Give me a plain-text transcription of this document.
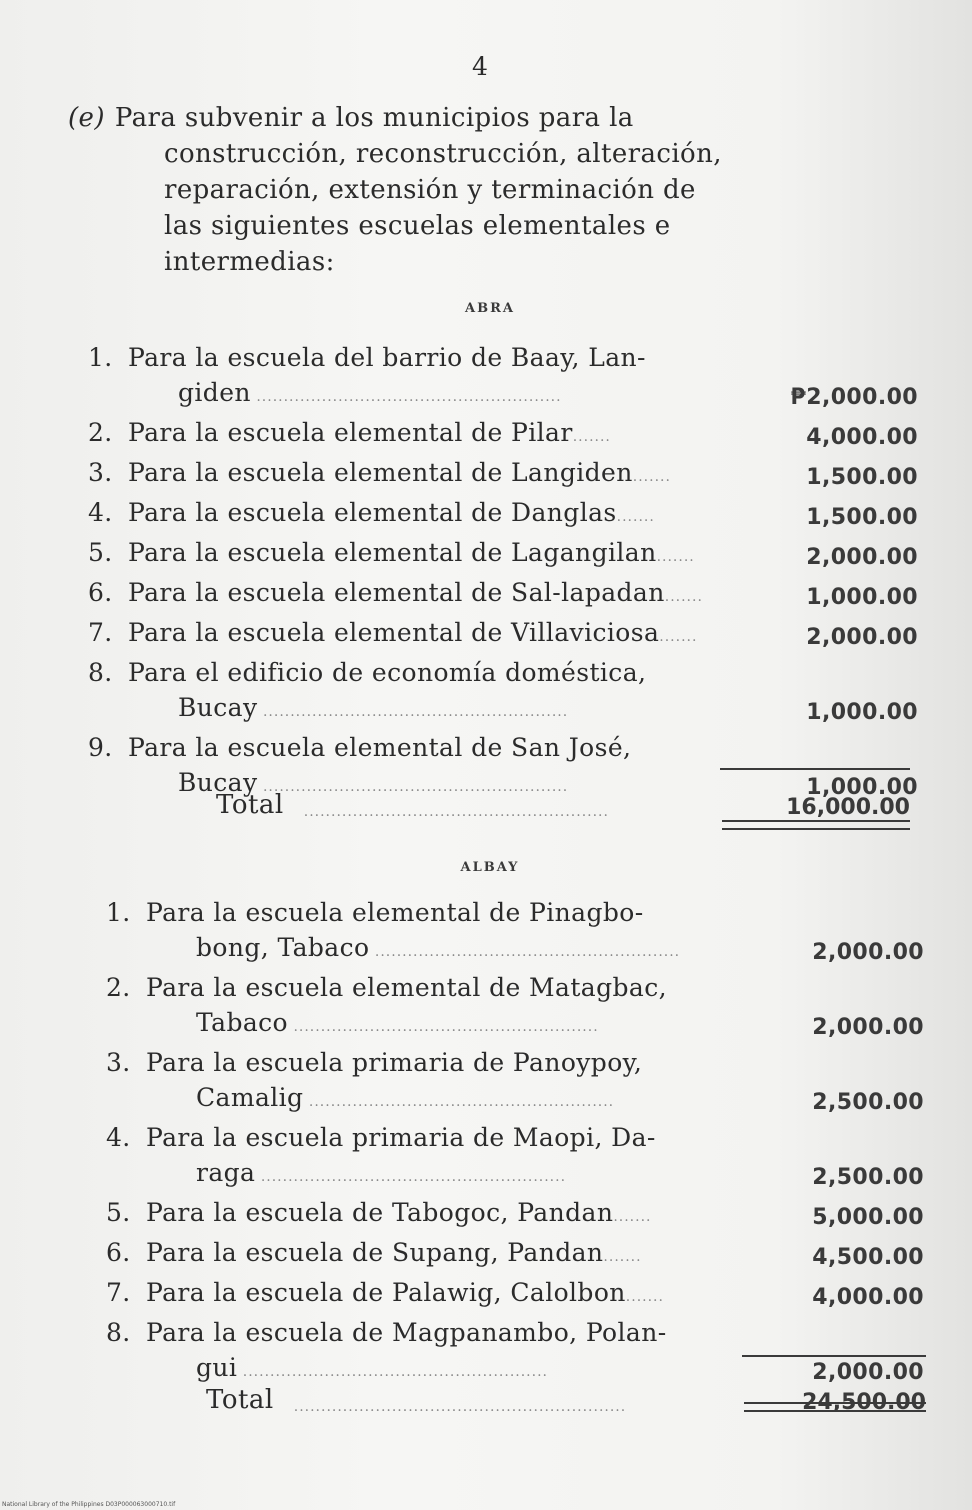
4

(e) Para subvenir a los municipios para la construcción, reconstrucción, alteración, reparación, extensión y terminación de las siguientes escuelas elementales e intermedias:

ABRA
1. Para la escuela del barrio de Baay, Lan-
giden ........................................................	₱2,000.00
2. Para la escuela elemental de Pilar.......	4,000.00
3. Para la escuela elemental de Langiden.......	1,500.00
4. Para la escuela elemental de Danglas.......	1,500.00
5. Para la escuela elemental de Lagangilan.......	2,000.00
6. Para la escuela elemental de Sal-lapadan.......	1,000.00
7. Para la escuela elemental de Villaviciosa.......	2,000.00
8. Para el edificio de economía doméstica,
Bucay ........................................................	1,000.00
9. Para la escuela elemental de San José,
Bucay ........................................................	1,000.00
Total ........................................................	16,000.00
ALBAY
1. Para la escuela elemental de Pinagbo-
bong, Tabaco ........................................................	2,000.00
2. Para la escuela elemental de Matagbac,
Tabaco ........................................................	2,000.00
3. Para la escuela primaria de Panoypoy,
Camalig ........................................................	2,500.00
4. Para la escuela primaria de Maopi, Da-
raga ........................................................	2,500.00
5. Para la escuela de Tabogoc, Pandan.......	5,000.00
6. Para la escuela de Supang, Pandan.......	4,500.00
7. Para la escuela de Palawig, Calolbon.......	4,000.00
8. Para la escuela de Magpanambo, Polan-
gui ........................................................	2,000.00
Total .............................................................	24,500.00
National Library of the Philippines D03P000063000710.tif
